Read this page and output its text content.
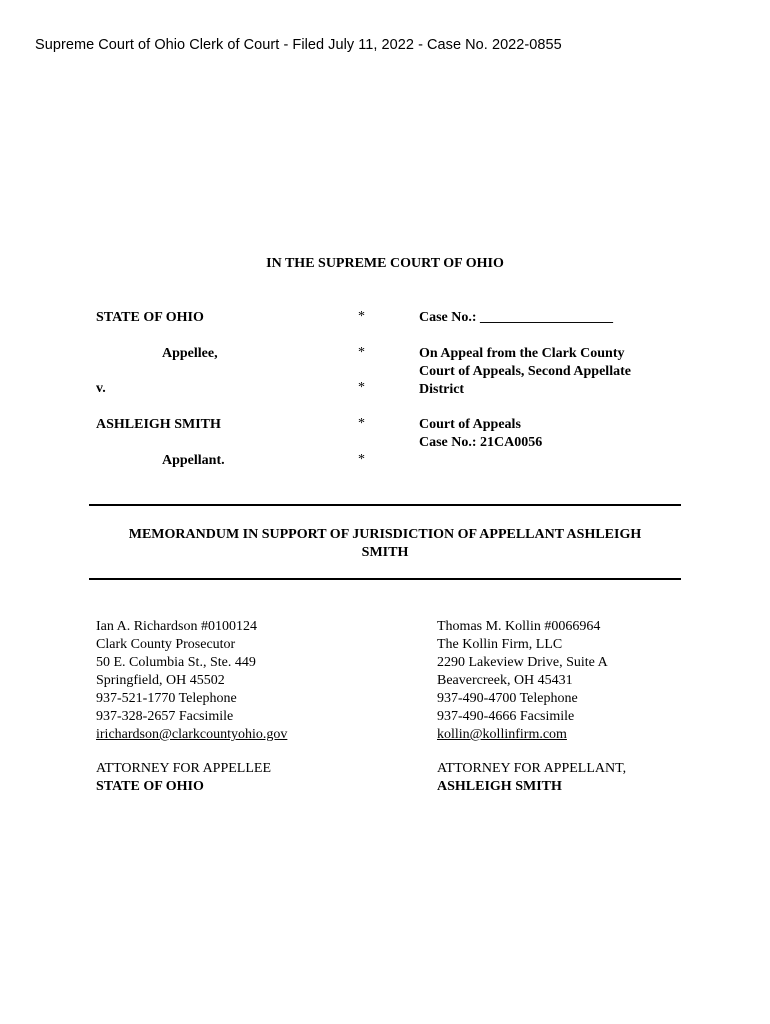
Supreme Court of Ohio Clerk of Court - Filed July 11, 2022 - Case No. 2022-0855
IN THE SUPREME COURT OF OHIO
STATE OF OHIO
Appellee,
v.
ASHLEIGH SMITH
Appellant.
*
*
*
*
*
Case No.: ___________________
On Appeal from the Clark County
Court of Appeals, Second Appellate
District
Court of Appeals
Case No.: 21CA0056
MEMORANDUM IN SUPPORT OF JURISDICTION OF APPELLANT ASHLEIGH
SMITH
Ian A. Richardson #0100124
Clark County Prosecutor
50 E. Columbia St., Ste. 449
Springfield, OH 45502
937-521-1770 Telephone
937-328-2657 Facsimile
irichardson@clarkcountyohio.gov
Thomas M. Kollin #0066964
The Kollin Firm, LLC
2290 Lakeview Drive, Suite A
Beavercreek, OH 45431
937-490-4700 Telephone
937-490-4666 Facsimile
kollin@kollinfirm.com
ATTORNEY FOR APPELLEE
STATE OF OHIO
ATTORNEY FOR APPELLANT,
ASHLEIGH SMITH
